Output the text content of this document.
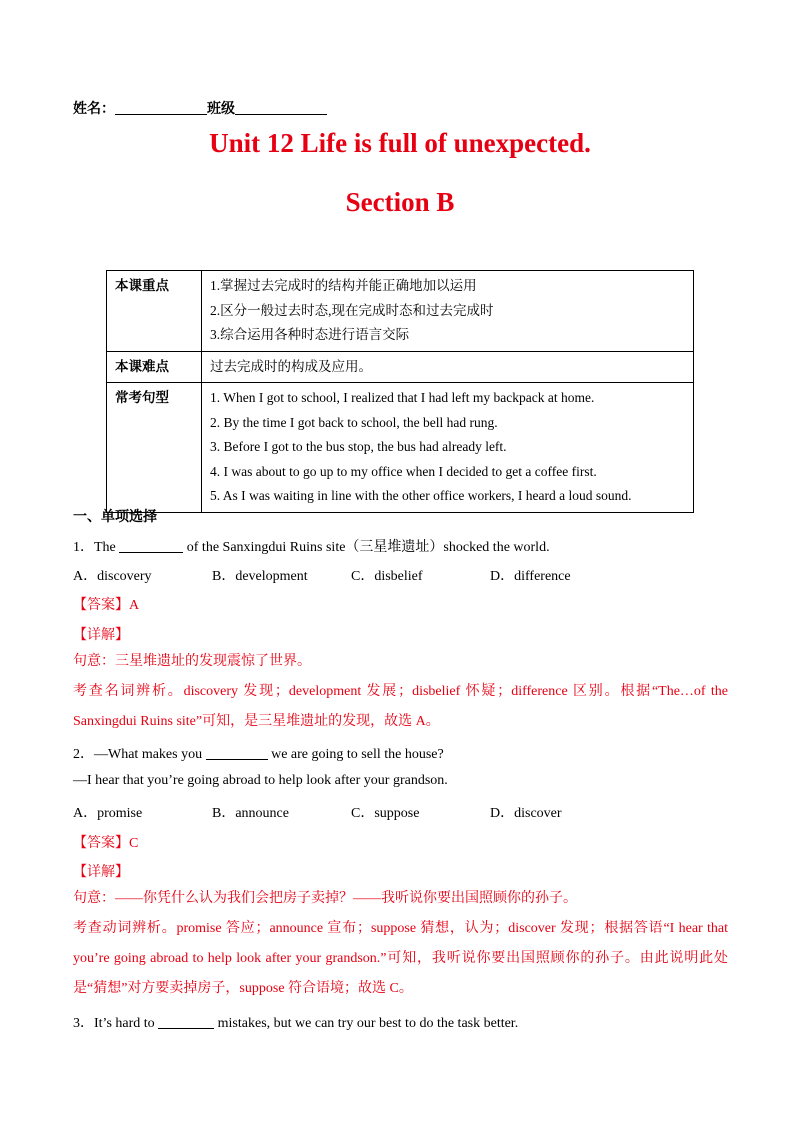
姓名：	班级
Unit 12 Life is full of unexpected.
Section B
本课重点	1.掌握过去完成时的结构并能正确地加以运用
2.区分一般过去时态,现在完成时态和过去完成时
3.综合运用各种时态进行语言交际

本课难点	过去完成时的构成及应用。

常考句型	1. When I got to school, I realized that I had left my backpack at home.
2. By the time I got back to school, the bell had rung.
3. Before I got to the bus stop, the bus had already left.
4. I was about to go up to my office when I decided to get a coffee first.
5. As I was waiting in line with the other office workers, I heard a loud sound.
一、单项选择
1．The	of the Sanxingdui Ruins site（三星堆遗址）shocked the world.
A．discovery	B．development	C．disbelief	D．difference
【答案】A
【详解】
句意：三星堆遗址的发现震惊了世界。
考查名词辨析。discovery 发现；development 发展；disbelief 怀疑；difference 区别。根据“The…of the Sanxingdui Ruins site”可知，是三星堆遗址的发现，故选 A。
2．—What makes you	we are going to sell the house?
—I hear that you’re going abroad to help look after your grandson.
A．promise	B．announce	C．suppose	D．discover
【答案】C
【详解】
句意：——你凭什么认为我们会把房子卖掉？——我听说你要出国照顾你的孙子。
考查动词辨析。promise 答应；announce 宣布；suppose 猜想，认为；discover 发现；根据答语“I hear that you’re going abroad to help look after your grandson.”可知，我听说你要出国照顾你的孙子。由此说明此处是“猜想”对方要卖掉房子，suppose 符合语境；故选 C。
3．It’s hard to	mistakes, but we can try our best to do the task better.
